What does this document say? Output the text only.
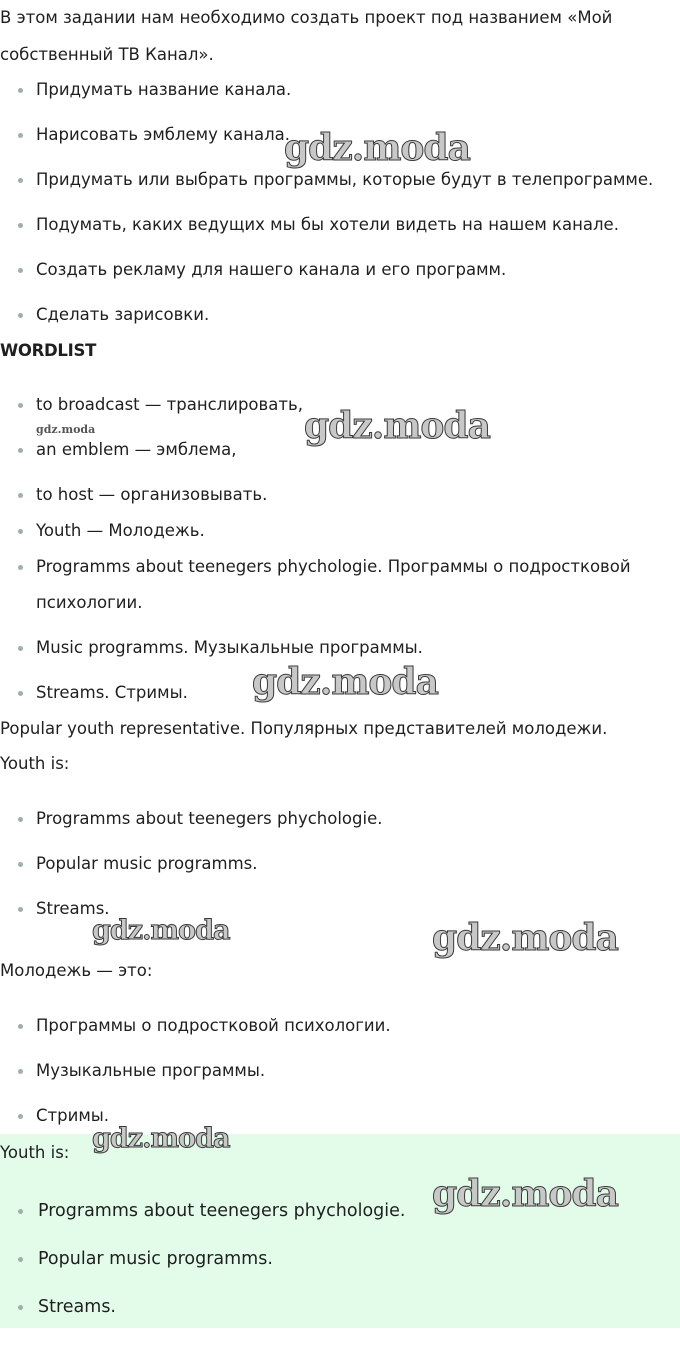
В этом задании нам необходимо создать проект под названием «Мой
собственный ТВ Канал».
Придумать название канала.
Нарисовать эмблему канала.
Придумать или выбрать программы, которые будут в телепрограмме.
Подумать, каких ведущих мы бы хотели видеть на нашем канале.
Создать рекламу для нашего канала и его программ.
Сделать зарисовки.
WORDLIST
to broadcast — транслировать,
an emblem — эмблема,
to host — организовывать.
Youth — Молодежь.
Programms about teenegers phychologie. Программы о подростковой
психологии.
Music programms. Музыкальные программы.
Streams. Стримы.
Popular youth representative. Популярных представителей молодежи.
Youth is:
Programms about teenegers phychologie.
Popular music programms.
Streams.
Молодежь — это:
Программы о подростковой психологии.
Музыкальные программы.
Стримы.
Youth is:
Programms about teenegers phychologie.
Popular music programms.
Streams.
gdz.moda
gdz.moda	gdz.moda
gdz.moda
gdz.moda	gdz.moda
gdz.moda
gdz.moda
